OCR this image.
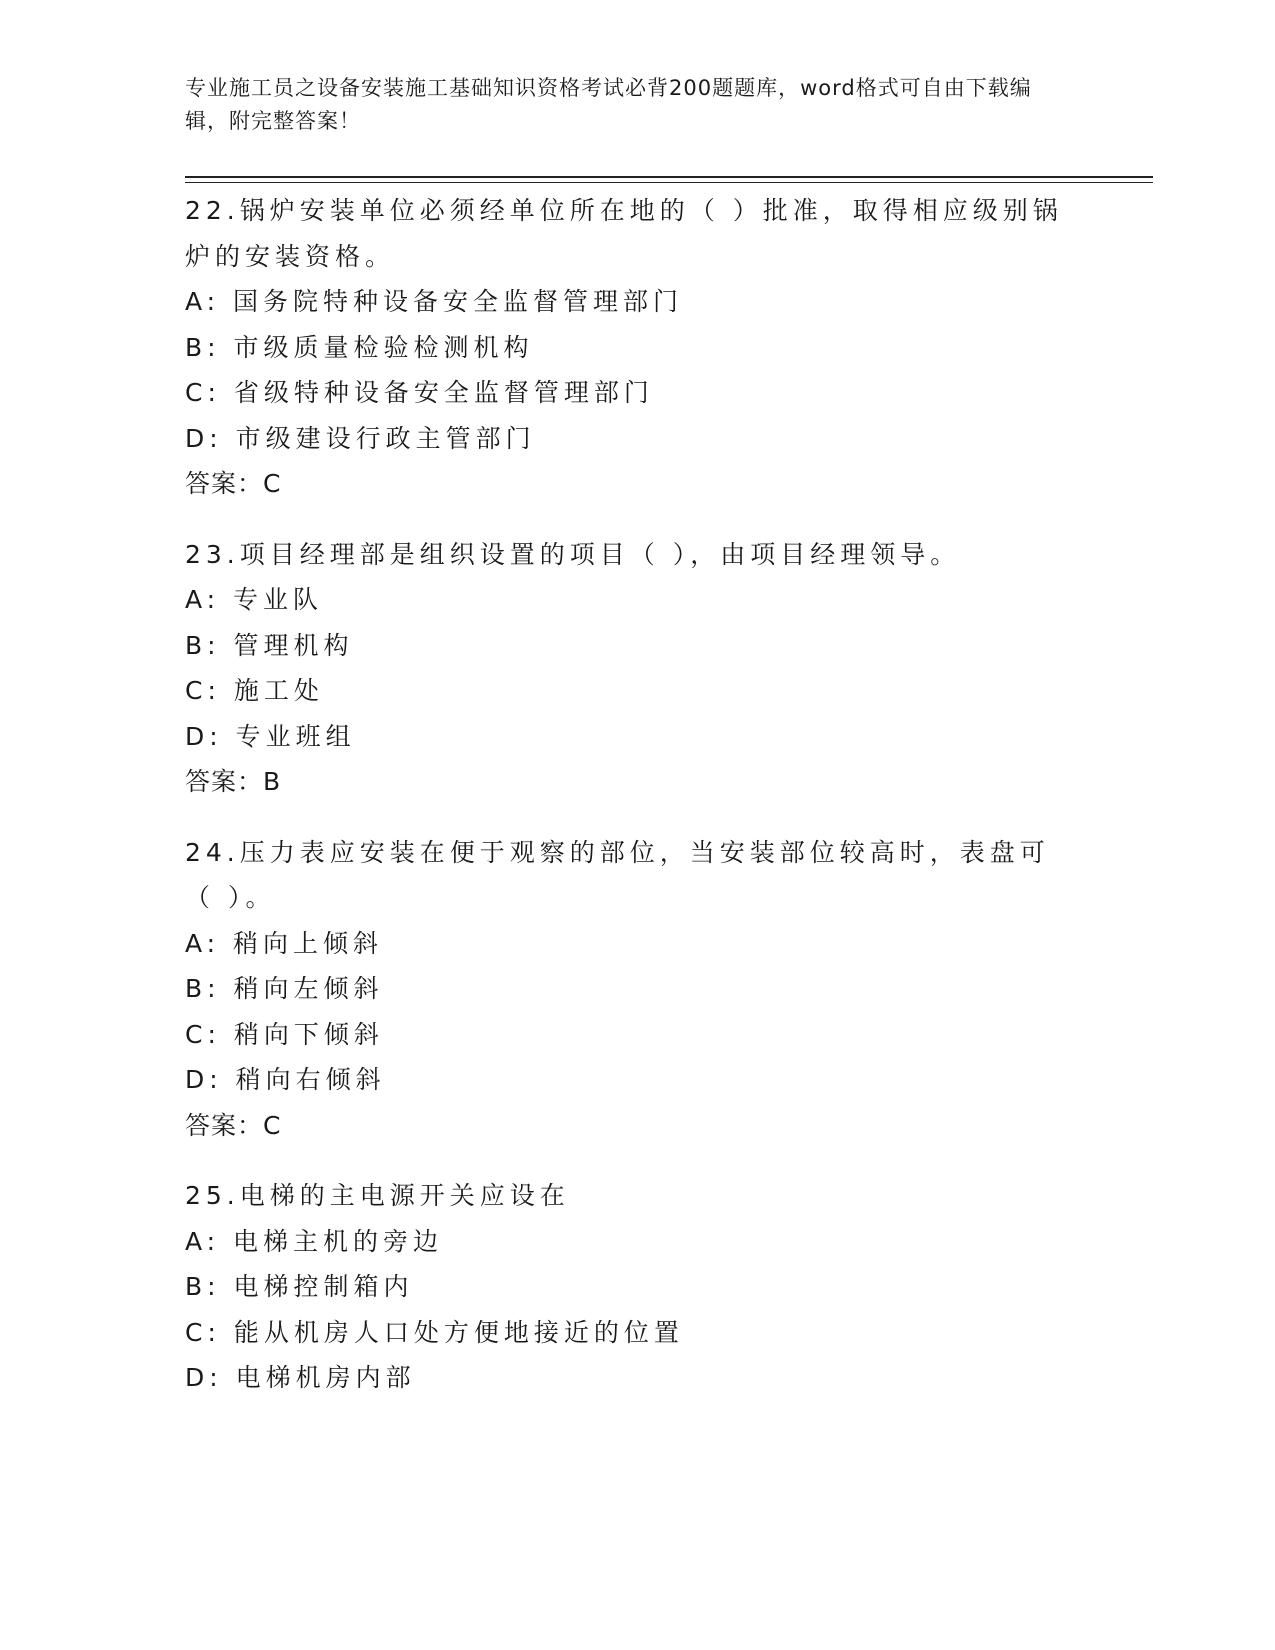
专业施工员之设备安装施工基础知识资格考试必背200题题库，word格式可自由下载编辑，附完整答案！
22.锅炉安装单位必须经单位所在地的（ ）批准，取得相应级别锅炉的安装资格。
A: 国务院特种设备安全监督管理部门
B: 市级质量检验检测机构
C: 省级特种设备安全监督管理部门
D: 市级建设行政主管部门
答案：C
23.项目经理部是组织设置的项目（ ），由项目经理领导。
A: 专业队
B: 管理机构
C: 施工处
D: 专业班组
答案：B
24.压力表应安装在便于观察的部位，当安装部位较高时，表盘可（ ）。
A: 稍向上倾斜
B: 稍向左倾斜
C: 稍向下倾斜
D: 稍向右倾斜
答案：C
25.电梯的主电源开关应设在
A: 电梯主机的旁边
B: 电梯控制箱内
C: 能从机房人口处方便地接近的位置
D: 电梯机房内部
